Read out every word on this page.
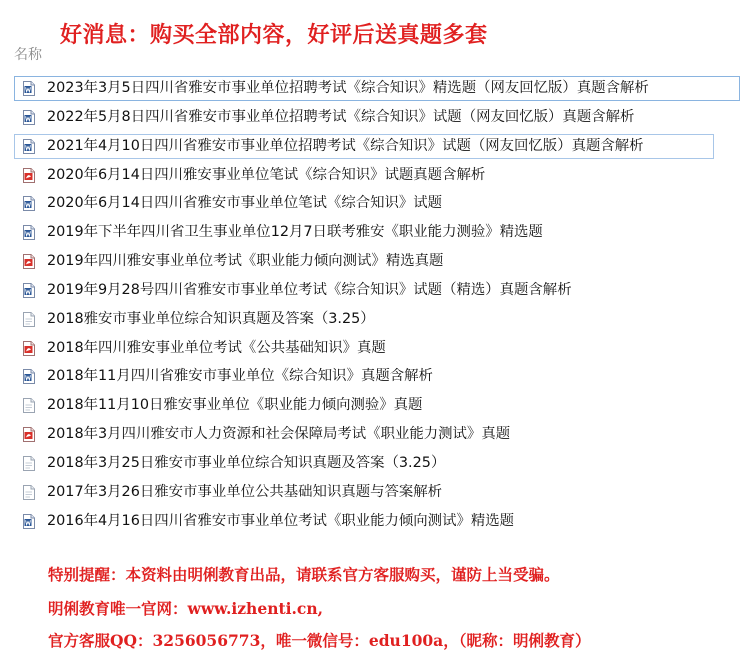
好消息：购买全部内容，好评后送真题多套
名称
2023年3月5日四川省雅安市事业单位招聘考试《综合知识》精选题（网友回忆版）真题含解析
2022年5月8日四川省雅安市事业单位招聘考试《综合知识》试题（网友回忆版）真题含解析
2021年4月10日四川省雅安市事业单位招聘考试《综合知识》试题（网友回忆版）真题含解析
2020年6月14日四川雅安事业单位笔试《综合知识》试题真题含解析
2020年6月14日四川省雅安市事业单位笔试《综合知识》试题
2019年下半年四川省卫生事业单位12月7日联考雅安《职业能力测验》精选题
2019年四川雅安事业单位考试《职业能力倾向测试》精选真题
2019年9月28号四川省雅安市事业单位考试《综合知识》试题（精选）真题含解析
2018雅安市事业单位综合知识真题及答案（3.25）
2018年四川雅安事业单位考试《公共基础知识》真题
2018年11月四川省雅安市事业单位《综合知识》真题含解析
2018年11月10日雅安事业单位《职业能力倾向测验》真题
2018年3月四川雅安市人力资源和社会保障局考试《职业能力测试》真题
2018年3月25日雅安市事业单位综合知识真题及答案（3.25）
2017年3月26日雅安市事业单位公共基础知识真题与答案解析
2016年4月16日四川省雅安市事业单位考试《职业能力倾向测试》精选题
特别提醒：本资料由明俐教育出品，请联系官方客服购买，谨防上当受骗。
明俐教育唯一官网：www.izhenti.cn,
官方客服QQ：3256056773，唯一微信号：edu100a，（昵称：明俐教育）
